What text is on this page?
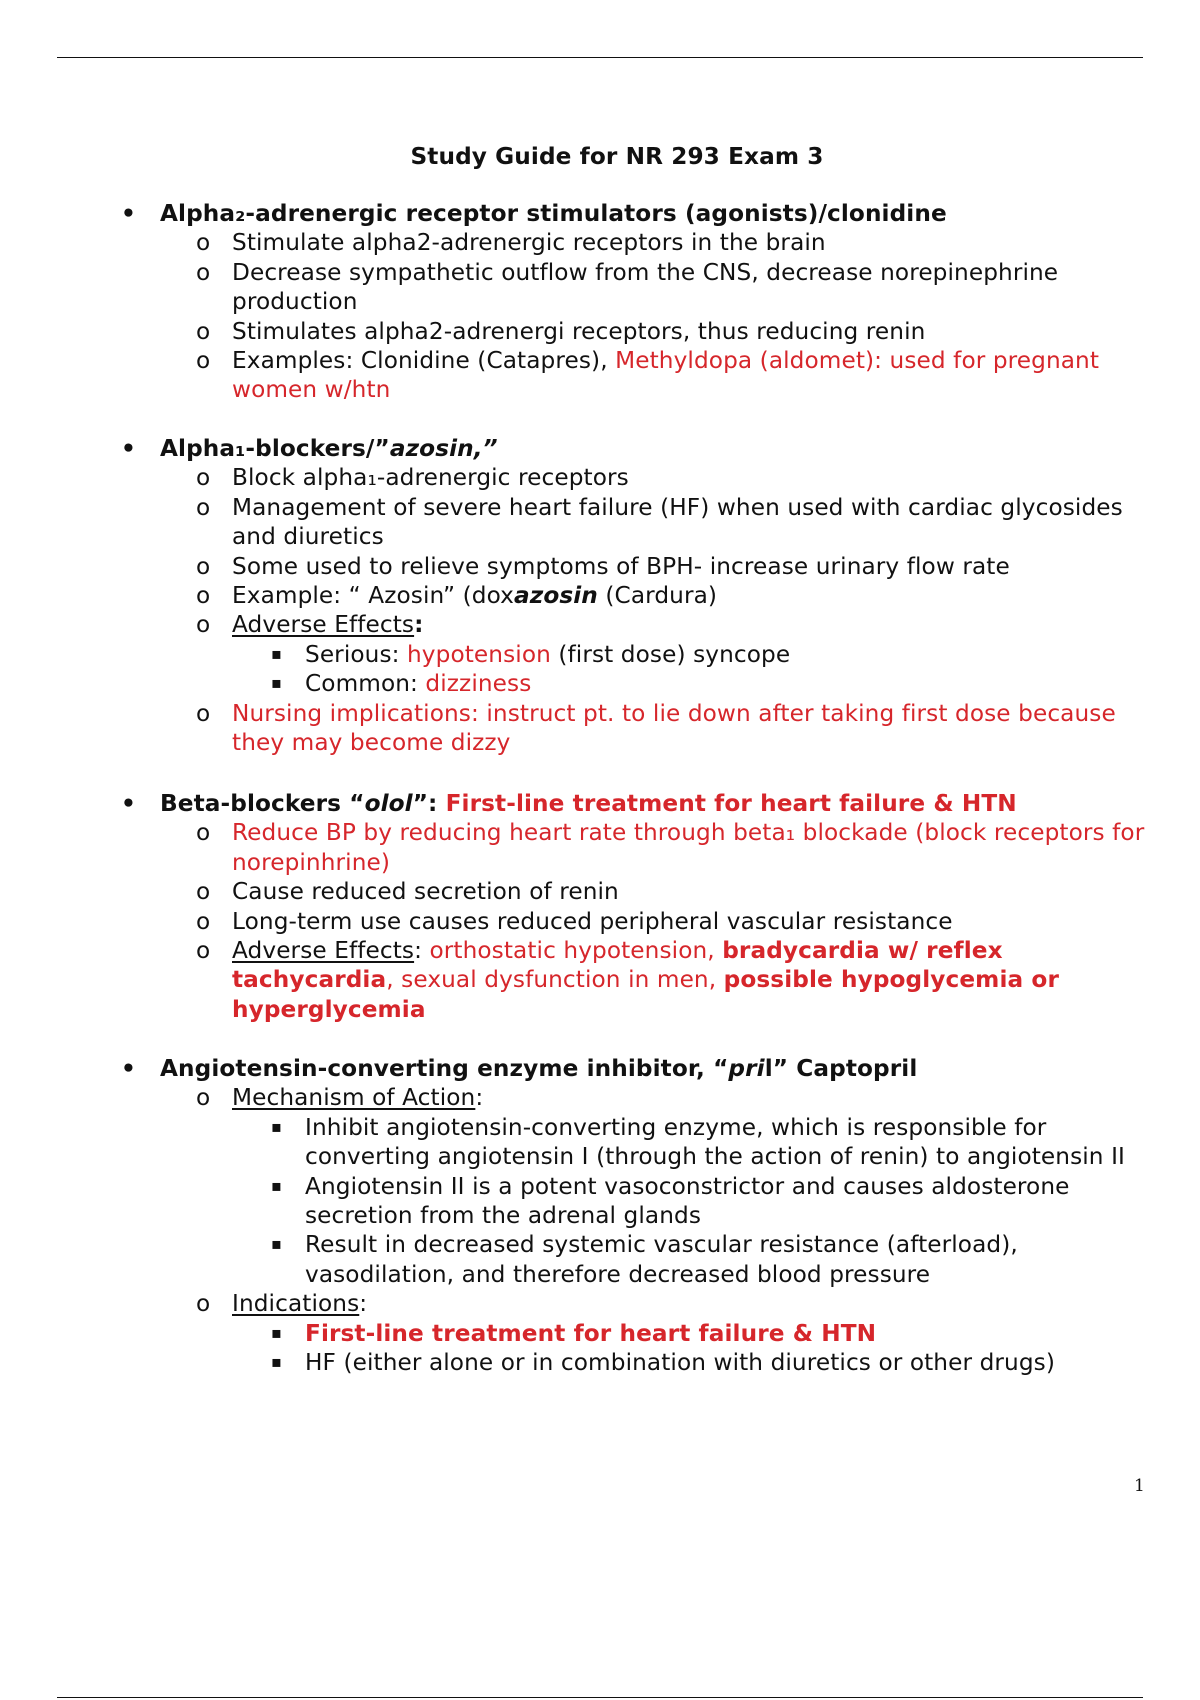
Study Guide for NR 293 Exam 3
• Alpha₂-adrenergic receptor stimulators (agonists)/clonidine
o Stimulate alpha2-adrenergic receptors in the brain
o Decrease sympathetic outflow from the CNS, decrease norepinephrine production
o Stimulates alpha2-adrenergi receptors, thus reducing renin
o Examples: Clonidine (Catapres), Methyldopa (aldomet): used for pregnant women w/htn
• Alpha₁-blockers/”azosin,”
o Block alpha₁-adrenergic receptors
o Management of severe heart failure (HF) when used with cardiac glycosides and diuretics
o Some used to relieve symptoms of BPH- increase urinary flow rate
o Example: “ Azosin” (doxazosin (Cardura)
o Adverse Effects:
▪ Serious: hypotension (first dose) syncope
▪ Common: dizziness
o Nursing implications: instruct pt. to lie down after taking first dose because they may become dizzy
• Beta-blockers “olol”: First-line treatment for heart failure & HTN
o Reduce BP by reducing heart rate through beta₁ blockade (block receptors for norepinhrine)
o Cause reduced secretion of renin
o Long-term use causes reduced peripheral vascular resistance
o Adverse Effects: orthostatic hypotension, bradycardia w/ reflex tachycardia, sexual dysfunction in men, possible hypoglycemia or hyperglycemia
• Angiotensin-converting enzyme inhibitor, “pril” Captopril
o Mechanism of Action:
▪ Inhibit angiotensin-converting enzyme, which is responsible for converting angiotensin I (through the action of renin) to angiotensin II
▪ Angiotensin II is a potent vasoconstrictor and causes aldosterone secretion from the adrenal glands
▪ Result in decreased systemic vascular resistance (afterload), vasodilation, and therefore decreased blood pressure
o Indications:
▪ First-line treatment for heart failure & HTN
▪ HF (either alone or in combination with diuretics or other drugs)
1
